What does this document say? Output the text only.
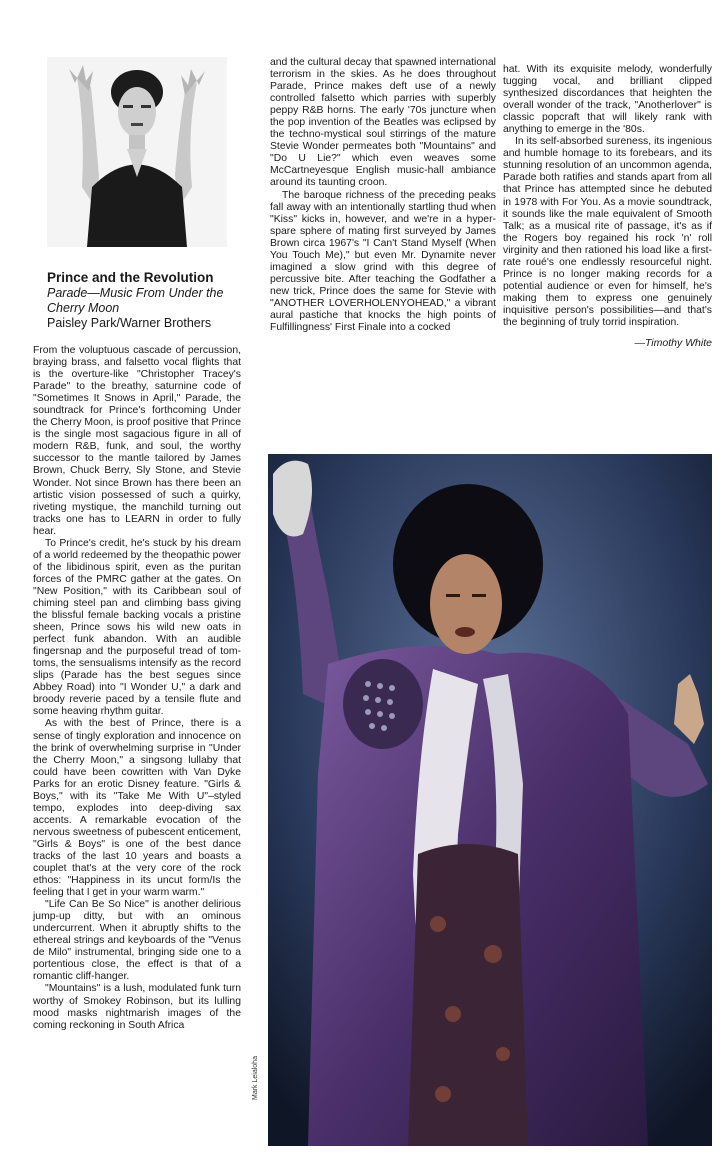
Prince and the Revolution

Parade—Music From Under the Cherry Moon

Paisley Park/Warner Brothers

From the voluptuous cascade of percussion, braying brass, and falsetto vocal flights that is the overture-like "Christopher Tracey's Parade" to the breathy, saturnine code of "Sometimes It Snows in April," Parade, the soundtrack for Prince's forthcoming Under the Cherry Moon, is proof positive that Prince is the single most sagacious figure in all of modern R&B, funk, and soul, the worthy successor to the mantle tailored by James Brown, Chuck Berry, Sly Stone, and Stevie Wonder. Not since Brown has there been an artistic vision possessed of such a quirky, riveting mystique, the manchild turning out tracks one has to LEARN in order to fully hear.

To Prince's credit, he's stuck by his dream of a world redeemed by the theopathic power of the libidinous spirit, even as the puritan forces of the PMRC gather at the gates. On "New Position," with its Caribbean soul of chiming steel pan and climbing bass giving the blissful female backing vocals a pristine sheen, Prince sows his wild new oats in perfect funk abandon. With an audible fingersnap and the purposeful tread of tom-toms, the sensualisms intensify as the record slips (Parade has the best segues since Abbey Road) into "I Wonder U," a dark and broody reverie paced by a tensile flute and some heaving rhythm guitar.

As with the best of Prince, there is a sense of tingly exploration and innocence on the brink of overwhelming surprise in "Under the Cherry Moon," a singsong lullaby that could have been cowritten with Van Dyke Parks for an erotic Disney feature. "Girls & Boys," with its "Take Me With U"–styled tempo, explodes into deep-diving sax accents. A remarkable evocation of the nervous sweetness of pubescent enticement, "Girls & Boys" is one of the best dance tracks of the last 10 years and boasts a couplet that's at the very core of the rock ethos: "Happiness in its uncut form/Is the feeling that I get in your warm warm."

"Life Can Be So Nice" is another delirious jump-up ditty, but with an ominous undercurrent. When it abruptly shifts to the ethereal strings and keyboards of the "Venus de Milo" instrumental, bringing side one to a portentious close, the effect is that of a romantic cliff-hanger.

"Mountains" is a lush, modulated funk turn worthy of Smokey Robinson, but its lulling mood masks nightmarish images of the coming reckoning in South Africa

and the cultural decay that spawned international terrorism in the skies. As he does throughout Parade, Prince makes deft use of a newly controlled falsetto which parries with superbly peppy R&B horns. The early '70s juncture when the pop invention of the Beatles was eclipsed by the techno-mystical soul stirrings of the mature Stevie Wonder permeates both "Mountains" and "Do U Lie?" which even weaves some McCartneyesque English music-hall ambiance around its taunting croon.

The baroque richness of the preceding peaks fall away with an intentionally startling thud when "Kiss" kicks in, however, and we're in a hyper-spare sphere of mating first surveyed by James Brown circa 1967's "I Can't Stand Myself (When You Touch Me)," but even Mr. Dynamite never imagined a slow grind with this degree of percussive bite. After teaching the Godfather a new trick, Prince does the same for Stevie with "ANOTHER LOVERHOLENYOHEAD," a vibrant aural pastiche that knocks the high points of Fulfillingness' First Finale into a cocked

hat. With its exquisite melody, wonderfully tugging vocal, and brilliant clipped synthesized discordances that heighten the overall wonder of the track, "Anotherlover" is classic popcraft that will likely rank with anything to emerge in the '80s.

In its self-absorbed sureness, its ingenious and humble homage to its forebears, and its stunning resolution of an uncommon agenda, Parade both ratifies and stands apart from all that Prince has attempted since he debuted in 1978 with For You. As a movie soundtrack, it sounds like the male equivalent of Smooth Talk; as a musical rite of passage, it's as if the Rogers boy regained his rock 'n' roll virginity and then rationed his load like a first-rate roué's one endlessly resourceful night. Prince is no longer making records for a potential audience or even for himself, he's making them to express one genuinely inquisitive person's possibilities—and that's the beginning of truly torrid inspiration.

—Timothy White
Mark Leialoha
